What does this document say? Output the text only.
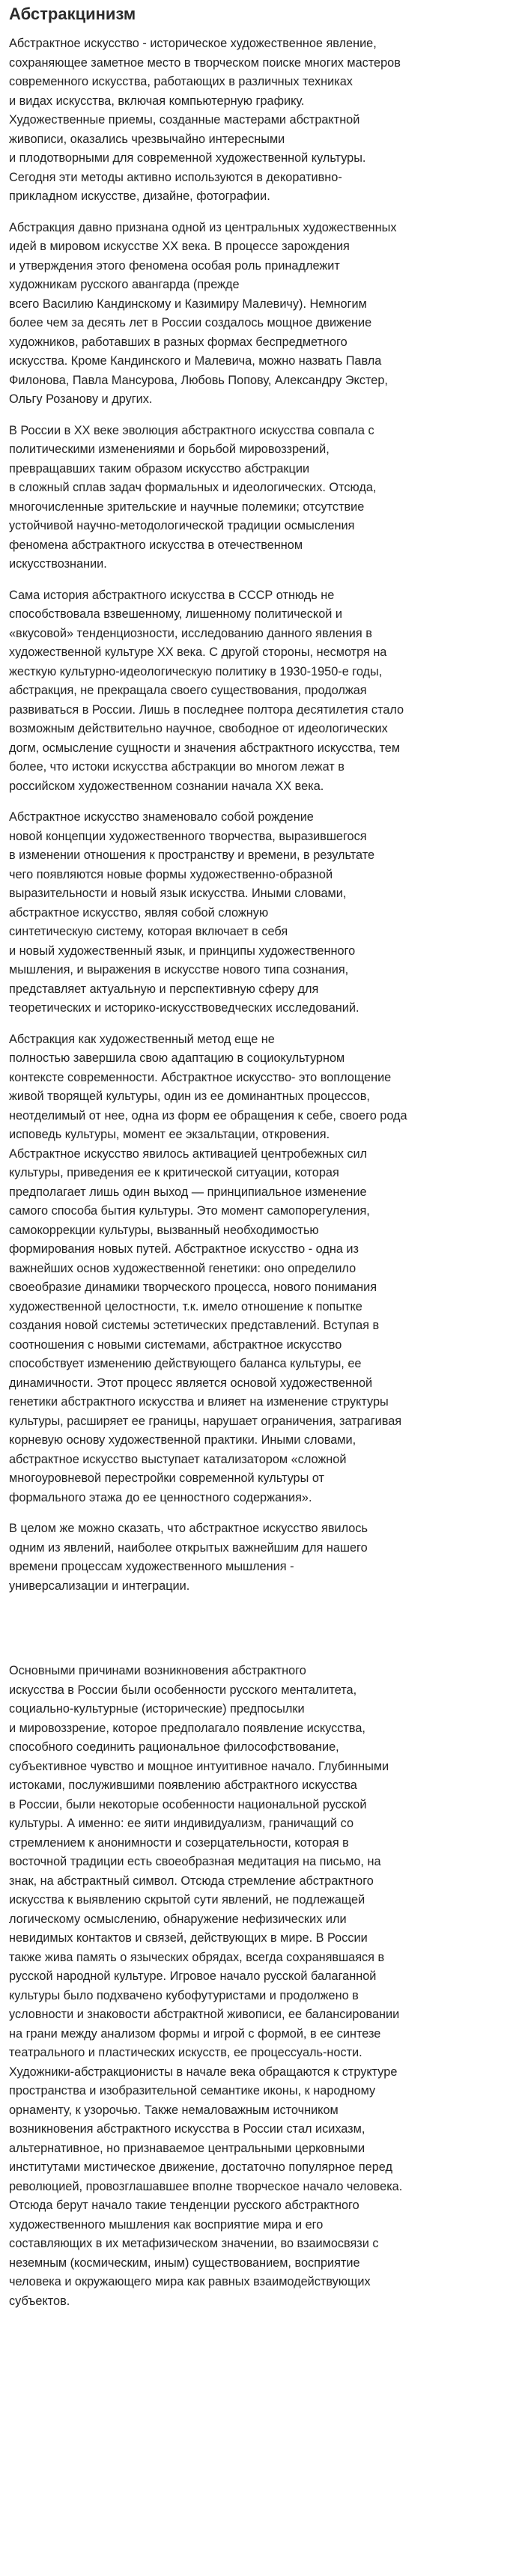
Абстракцинизм

Абстрактное искусство - историческое художественное явление,
сохраняющее заметное место в творческом поиске многих мастеров
современного искусства, работающих в различных техниках
и видах искусства, включая компьютерную графику.
Художественные приемы, созданные мастерами абстрактной
живописи, оказались чрезвычайно интересными
и плодотворными для современной художественной культуры.
Сегодня эти методы активно используются в декоративно-
прикладном искусстве, дизайне, фотографии.

Абстракция давно признана одной из центральных художественных
идей в мировом искусстве XX века. В процессе зарождения
и утверждения этого феномена особая роль принадлежит
художникам русского авангарда (прежде
всего Василию Кандинскому и Казимиру Малевичу). Немногим
более чем за десять лет в России создалось мощное движение
художников, работавших в разных формах беспредметного
искусства. Кроме Кандинского и Малевича, можно назвать Павла
Филонова, Павла Мансурова, Любовь Попову, Александру Экстер,
Ольгу Розанову и других.

В России в XX веке эволюция абстрактного искусства совпала с
политическими изменениями и борьбой мировоззрений,
превращавших таким образом искусство абстракции
в сложный сплав задач формальных и идеологических. Отсюда,
многочисленные зрительские и научные полемики; отсутствие
устойчивой научно-методологической традиции осмысления
феномена абстрактного искусства в отечественном
искусствознании.

Сама история абстрактного искусства в СССР отнюдь не
способствовала взвешенному, лишенному политической и
«вкусовой» тенденциозности, исследованию данного явления в
художественной культуре XX века. С другой стороны, несмотря на
жесткую культурно-идеологическую политику в 1930-1950-е годы,
абстракция, не прекращала своего существования, продолжая
развиваться в России. Лишь в последнее полтора десятилетия стало
возможным действительно научное, свободное от идеологических
догм, осмысление сущности и значения абстрактного искусства, тем
более, что истоки искусства абстракции во многом лежат в
российском художественном сознании начала XX века.

Абстрактное искусство знаменовало собой рождение
новой концепции художественного творчества, выразившегося
в изменении отношения к пространству и времени, в результате
чего появляются новые формы художественно-образной
выразительности и новый язык искусства. Иными словами,
абстрактное искусство, являя собой сложную
синтетическую систему, которая включает в себя
и новый художественный язык, и принципы художественного
мышления, и выражения в искусстве нового типа сознания,
представляет актуальную и перспективную сферу для
теоретических и историко-искусствоведческих исследований.

Абстракция как художественный метод еще не
полностью завершила свою адаптацию в социокультурном
контексте современности. Абстрактное искусство- это воплощение
живой творящей культуры, один из ее доминантных процессов,
неотделимый от нее, одна из форм ее обращения к себе, своего рода
исповедь культуры, момент ее экзальтации, откровения.
Абстрактное искусство явилось активацией центробежных сил
культуры, приведения ее к критической ситуации, которая
предполагает лишь один выход — принципиальное изменение
самого способа бытия культуры. Это момент самопорегуления,
самокоррекции культуры, вызванный необходимостью
формирования новых путей. Абстрактное искусство - одна из
важнейших основ художественной генетики: оно определило
своеобразие динамики творческого процесса, нового понимания
художественной целостности, т.к. имело отношение к попытке
создания новой системы эстетических представлений. Вступая в
соотношения с новыми системами, абстрактное искусство
способствует изменению действующего баланса культуры, ее
динамичности. Этот процесс является основой художественной
генетики абстрактного искусства и влияет на изменение структуры
культуры, расширяет ее границы, нарушает ограничения, затрагивая
корневую основу художественной практики. Иными словами,
абстрактное искусство выступает катализатором «сложной
многоуровневой перестройки современной культуры от
формального этажа до ее ценностного содержания».

В целом же можно сказать, что абстрактное искусство явилось
одним из явлений, наиболее открытых важнейшим для нашего
времени процессам художественного мышления -
универсализации и интеграции.

Основными причинами возникновения абстрактного
искусства в России были особенности русского менталитета,
социально-культурные (исторические) предпосылки
и мировоззрение, которое предполагало появление искусства,
способного соединить рациональное философствование,
субъективное чувство и мощное интуитивное начало. Глубинными
истоками, послужившими появлению абстрактного искусства
в России, были некоторые особенности национальной русской
культуры. А именно: ее яити индивидуализм, граничащий со
стремлением к анонимности и созерцательности, которая в
восточной традиции есть своеобразная медитация на письмо, на
знак, на абстрактный символ. Отсюда стремление абстрактного
искусства к выявлению скрытой сути явлений, не подлежащей
логическому осмыслению, обнаружение нефизических или
невидимых контактов и связей, действующих в мире. В России
также жива память о языческих обрядах, всегда сохранявшаяся в
русской народной культуре. Игровое начало русской балаганной
культуры было подхвачено кубофутуристами и продолжено в
условности и знаковости абстрактной живописи, ее балансировании
на грани между анализом формы и игрой с формой, в ее синтезе
театрального и пластических искусств, ее процессуаль-ности.
Художники-абстракционисты в начале века обращаются к структуре
пространства и изобразительной семантике иконы, к народному
орнаменту, к узорочью. Также немаловажным источником
возникновения абстрактного искусства в России стал исихазм,
альтернативное, но признаваемое центральными церковными
институтами мистическое движение, достаточно популярное перед
революцией, провозглашавшее вполне творческое начало человека.
Отсюда берут начало такие тенденции русского абстрактного
художественного мышления как восприятие мира и его
составляющих в их метафизическом значении, во взаимосвязи с
неземным (космическим, иным) существованием, восприятие
человека и окружающего мира как равных взаимодействующих
субъектов.
